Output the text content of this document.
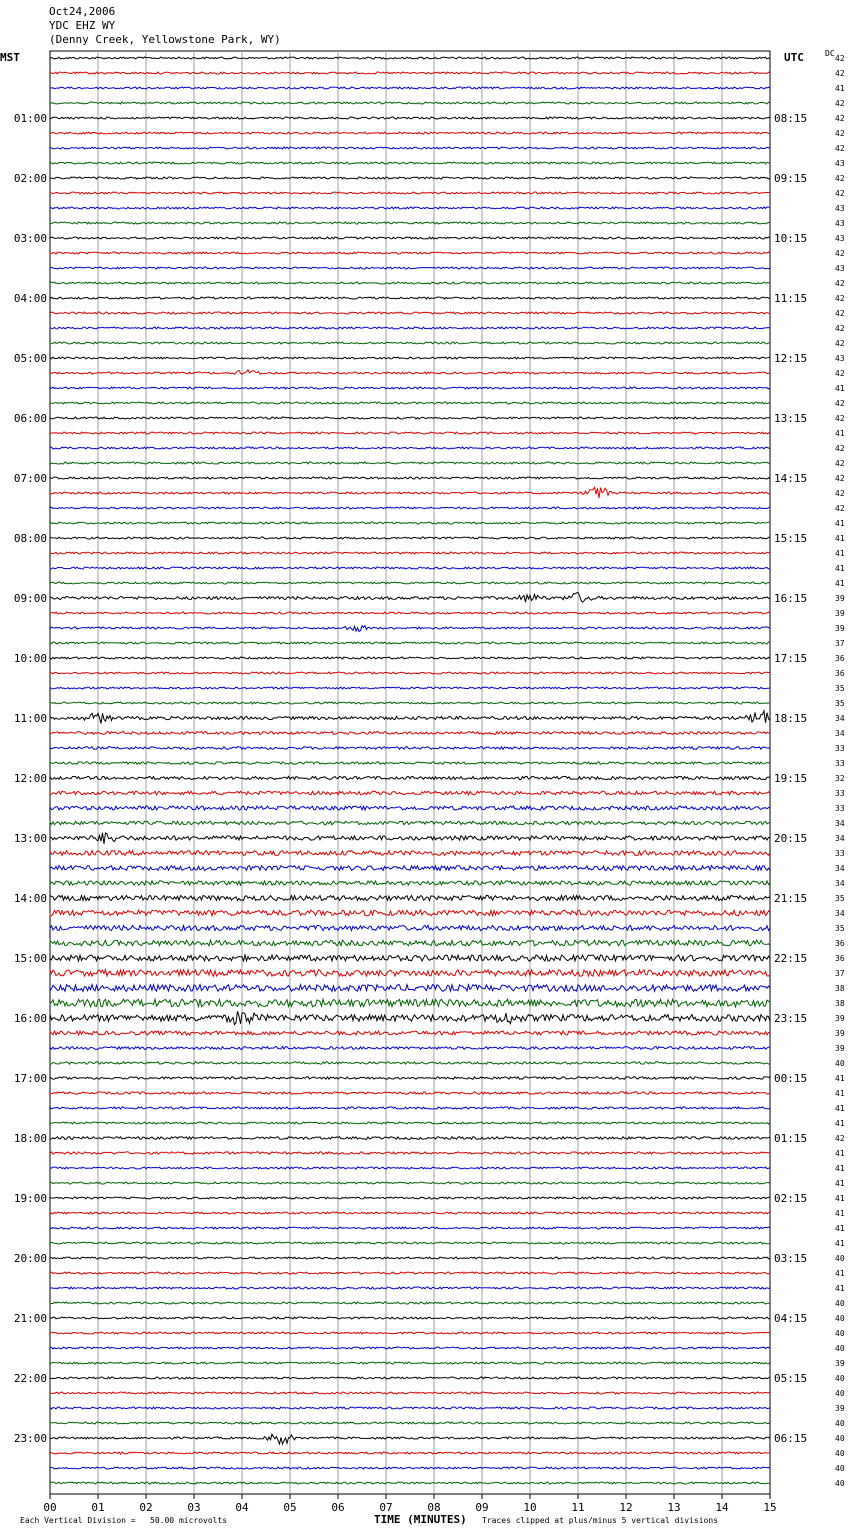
Oct24,2006
YDC EHZ WY
(Denny Creek, Yellowstone Park, WY)
MST	UTC	DC
00	01	02	03	04	05	06	07	08	09	10	11	12	13	14	15
42
42
41
42
42
42
42
43
42
42
43
43
43
42
43
42
42
42
42
42
43
42
41
42
42
41
42
42
42
42
42
41
41
41
41
41
39
39
39
37
36
36
35
35
34
34
33
33
32
33
33
34
34
33
34
34
35
34
35
36
36
37
38
38
39
39
39
40
41
41
41
41
42
41
41
41
41
41
41
41
40
41
41
40
40
40
40
39
40
40
39
40
40
40
40
40
01:00
02:00
03:00
04:00
05:00
06:00
07:00
08:00
09:00
10:00
11:00
12:00
13:00
14:00
15:00
16:00
17:00
18:00
19:00
20:00
21:00
22:00
23:00
08:15
09:15
10:15
11:15
12:15
13:15
14:15
15:15
16:15
17:15
18:15
19:15
20:15
21:15
22:15
23:15
00:15
01:15
02:15
03:15
04:15
05:15
06:15
Each Vertical Division =   50.00 microvolts	TIME (MINUTES) Traces clipped at plus/minus 5 vertical divisions
